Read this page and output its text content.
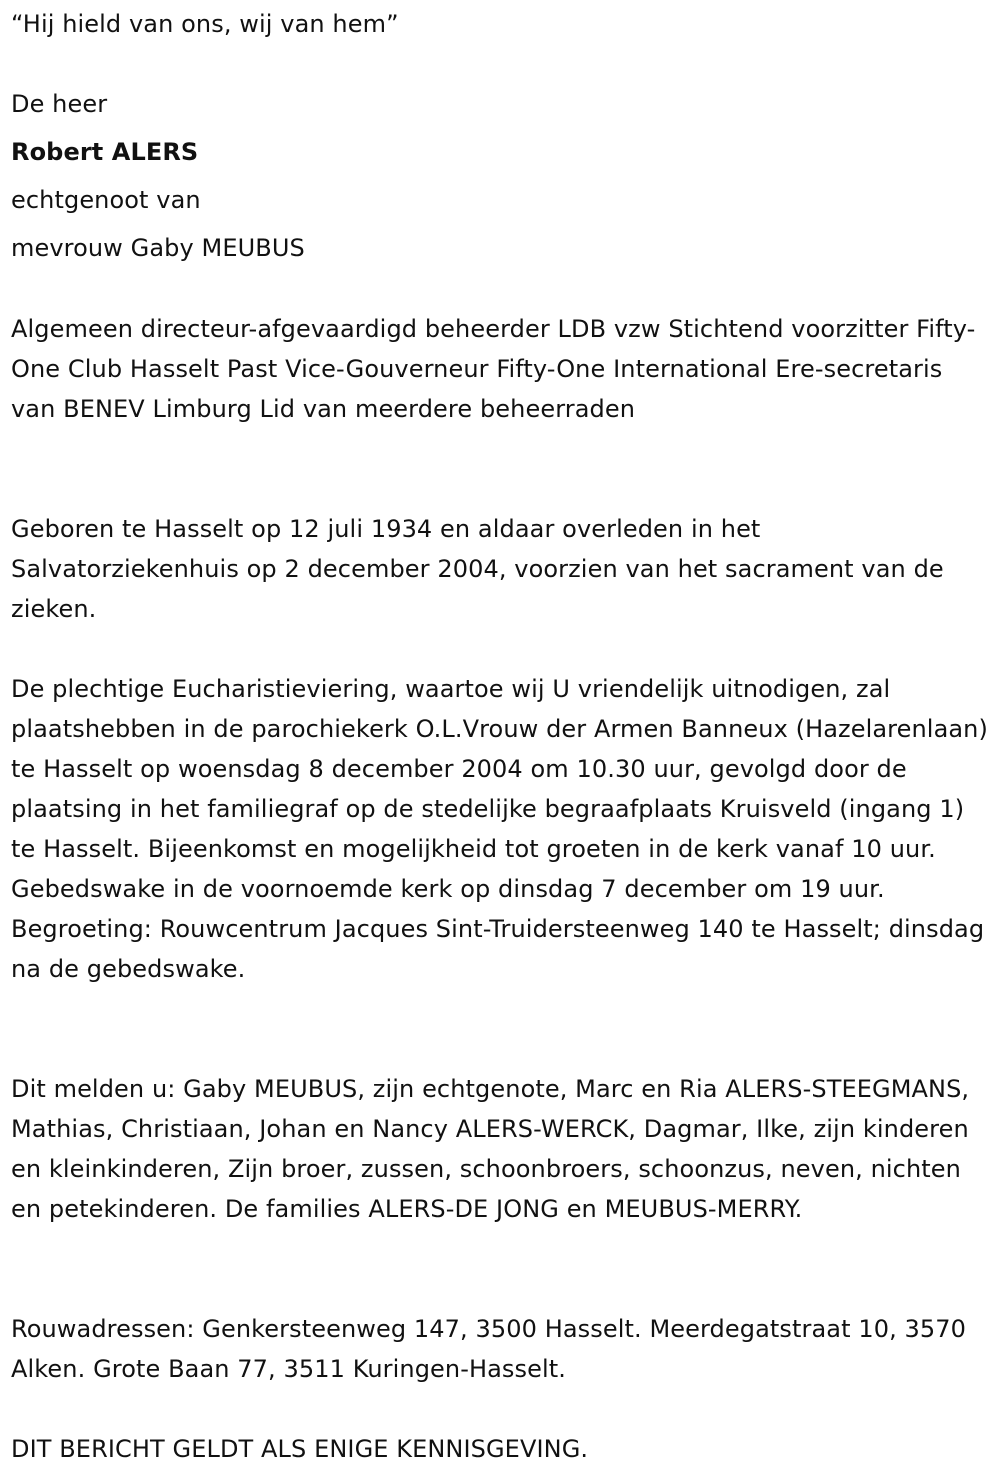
“Hij hield van ons, wij van hem”
De heer
Robert ALERS
echtgenoot van
mevrouw Gaby MEUBUS
Algemeen directeur-afgevaardigd beheerder LDB vzw Stichtend voorzitter Fifty-One Club Hasselt Past Vice-Gouverneur Fifty-One International Ere-secretaris van BENEV Limburg Lid van meerdere beheerraden
Geboren te Hasselt op 12 juli 1934 en aldaar overleden in het Salvatorziekenhuis op 2 december 2004, voorzien van het sacrament van de zieken.
De plechtige Eucharistieviering, waartoe wij U vriendelijk uitnodigen, zal plaatshebben in de parochiekerk O.L.Vrouw der Armen Banneux (Hazelarenlaan) te Hasselt op woensdag 8 december 2004 om 10.30 uur, gevolgd door de plaatsing in het familiegraf op de stedelijke begraafplaats Kruisveld (ingang 1) te Hasselt. Bijeenkomst en mogelijkheid tot groeten in de kerk vanaf 10 uur. Gebedswake in de voornoemde kerk op dinsdag 7 december om 19 uur. Begroeting: Rouwcentrum Jacques Sint-Truidersteenweg 140 te Hasselt; dinsdag na de gebedswake.
Dit melden u: Gaby MEUBUS, zijn echtgenote, Marc en Ria ALERS-STEEGMANS, Mathias, Christiaan, Johan en Nancy ALERS-WERCK, Dagmar, Ilke, zijn kinderen en kleinkinderen, Zijn broer, zussen, schoonbroers, schoonzus, neven, nichten en petekinderen. De families ALERS-DE JONG en MEUBUS-MERRY.
Rouwadressen: Genkersteenweg 147, 3500 Hasselt. Meerdegatstraat 10, 3570 Alken. Grote Baan 77, 3511 Kuringen-Hasselt.
DIT BERICHT GELDT ALS ENIGE KENNISGEVING.
